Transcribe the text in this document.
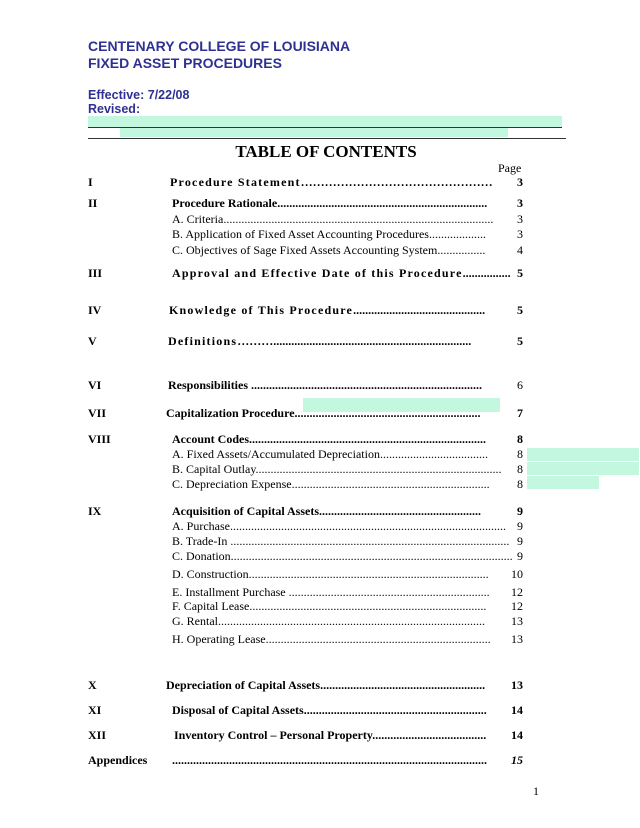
CENTENARY COLLEGE OF LOUISIANA
FIXED ASSET PROCEDURES
Effective: 7/22/08
Revised:
TABLE OF CONTENTS
Page
I	Procedure Statement…………………………………………	3
II	Procedure Rationale......................................................................	3
A. Criteria..........................................................................................	3
B. Application of Fixed Asset Accounting Procedures...................	3
C. Objectives of Sage Fixed Assets Accounting System................	4
III	Approval and Effective Date of this Procedure................ 5
IV	Knowledge of This Procedure............................................	5
V	Definitions………..................................................................	5
VI	Responsibilities .............................................................................	6
VII	Capitalization Procedure..............................................................	7
VIII	Account Codes...............................................................................	8
A. Fixed Assets/Accumulated Depreciation....................................	8
B. Capital Outlay..................................................................................	8
C. Depreciation Expense..................................................................	8
IX	Acquisition of Capital Assets......................................................	9
A. Purchase............................................................................................ 9
B. Trade-In ............................................................................................. 9
C. Donation.............................................................................................. 9
D. Construction................................................................................	10
E. Installment Purchase ...................................................................	12
F. Capital Lease...............................................................................	12
G. Rental.........................................................................................	13
H. Operating Lease...........................................................................	13
X	Depreciation of Capital Assets.......................................................	13
XI	Disposal of Capital Assets.............................................................	14
XII	Inventory Control – Personal Property......................................	14
Appendices .........................................................................................................	15
1
